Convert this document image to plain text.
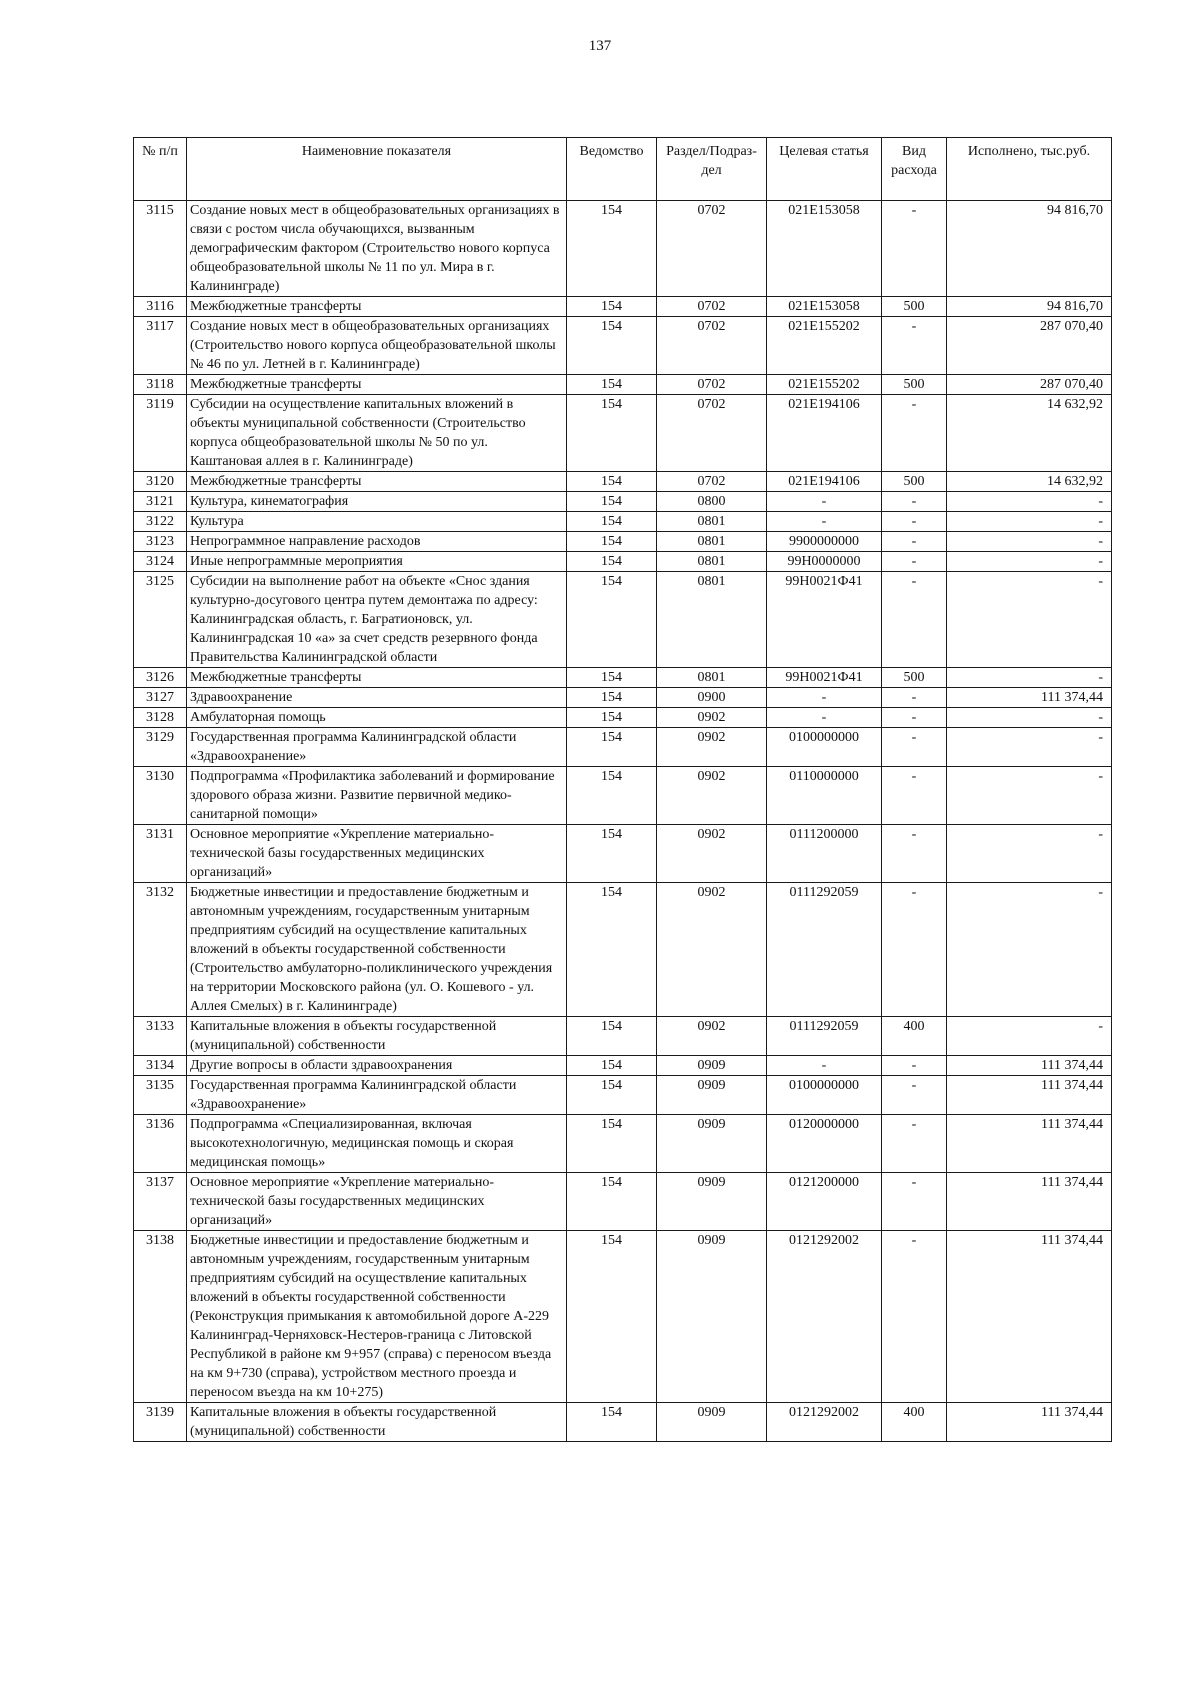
137
№ п/п	Наименовние показателя	Ведомство	Раздел/Подраз-дел	Целевая статья	Вид расхода	Исполнено, тыс.руб.
3115	Создание новых мест в общеобразовательных организациях в связи с ростом числа обучающихся, вызванным демографическим фактором (Строительство нового корпуса общеобразовательной школы № 11 по ул. Мира в г. Калининграде)	154	0702	021E153058	-	94 816,70
3116	Межбюджетные трансферты	154	0702	021E153058	500	94 816,70
3117	Создание новых мест в общеобразовательных организациях (Строительство нового корпуса общеобразовательной школы № 46 по ул. Летней в г. Калининграде)	154	0702	021E155202	-	287 070,40
3118	Межбюджетные трансферты	154	0702	021E155202	500	287 070,40
3119	Субсидии на осуществление капитальных вложений в объекты муниципальной собственности (Строительство корпуса общеобразовательной школы № 50 по ул. Каштановая аллея в г. Калининграде)	154	0702	021E194106	-	14 632,92
3120	Межбюджетные трансферты	154	0702	021E194106	500	14 632,92
3121	Культура, кинематография	154	0800	-	-	-
3122	Культура	154	0801	-	-	-
3123	Непрограммное направление расходов	154	0801	9900000000	-	-
3124	Иные непрограммные мероприятия	154	0801	99Н0000000	-	-
3125	Субсидии на выполнение работ на объекте «Снос здания культурно-досугового центра путем демонтажа по адресу: Калининградская область, г. Багратионовск, ул. Калининградская 10 «а» за счет средств резервного фонда Правительства Калининградской области	154	0801	99Н0021Ф41	-	-
3126	Межбюджетные трансферты	154	0801	99Н0021Ф41	500	-
3127	Здравоохранение	154	0900	-	-	111 374,44
3128	Амбулаторная помощь	154	0902	-	-	-
3129	Государственная программа Калининградской области «Здравоохранение»	154	0902	0100000000	-	-
3130	Подпрограмма «Профилактика заболеваний и формирование здорового образа жизни. Развитие первичной медико-санитарной помощи»	154	0902	0110000000	-	-
3131	Основное мероприятие «Укрепление материально-технической базы государственных медицинских организаций»	154	0902	0111200000	-	-
3132	Бюджетные инвестиции и предоставление бюджетным и автономным учреждениям, государственным унитарным предприятиям субсидий на осуществление капитальных вложений в объекты государственной собственности (Строительство амбулаторно-поликлинического учреждения на территории Московского района (ул. О. Кошевого - ул. Аллея Смелых) в г. Калининграде)	154	0902	0111292059	-	-
3133	Капитальные вложения в объекты государственной (муниципальной) собственности	154	0902	0111292059	400	-
3134	Другие вопросы в области здравоохранения	154	0909	-	-	111 374,44
3135	Государственная программа Калининградской области «Здравоохранение»	154	0909	0100000000	-	111 374,44
3136	Подпрограмма «Специализированная, включая высокотехнологичную, медицинская помощь и скорая медицинская помощь»	154	0909	0120000000	-	111 374,44
3137	Основное мероприятие «Укрепление материально-технической базы государственных медицинских организаций»	154	0909	0121200000	-	111 374,44
3138	Бюджетные инвестиции и предоставление бюджетным и автономным учреждениям, государственным унитарным предприятиям субсидий на осуществление капитальных вложений в объекты государственной собственности (Реконструкция примыкания к автомобильной дороге А-229 Калининград-Черняховск-Нестеров-граница с Литовской Республикой в районе км 9+957 (справа) с переносом въезда на км 9+730 (справа), устройством местного проезда и переносом въезда на км 10+275)	154	0909	0121292002	-	111 374,44
3139	Капитальные вложения в объекты государственной (муниципальной) собственности	154	0909	0121292002	400	111 374,44
